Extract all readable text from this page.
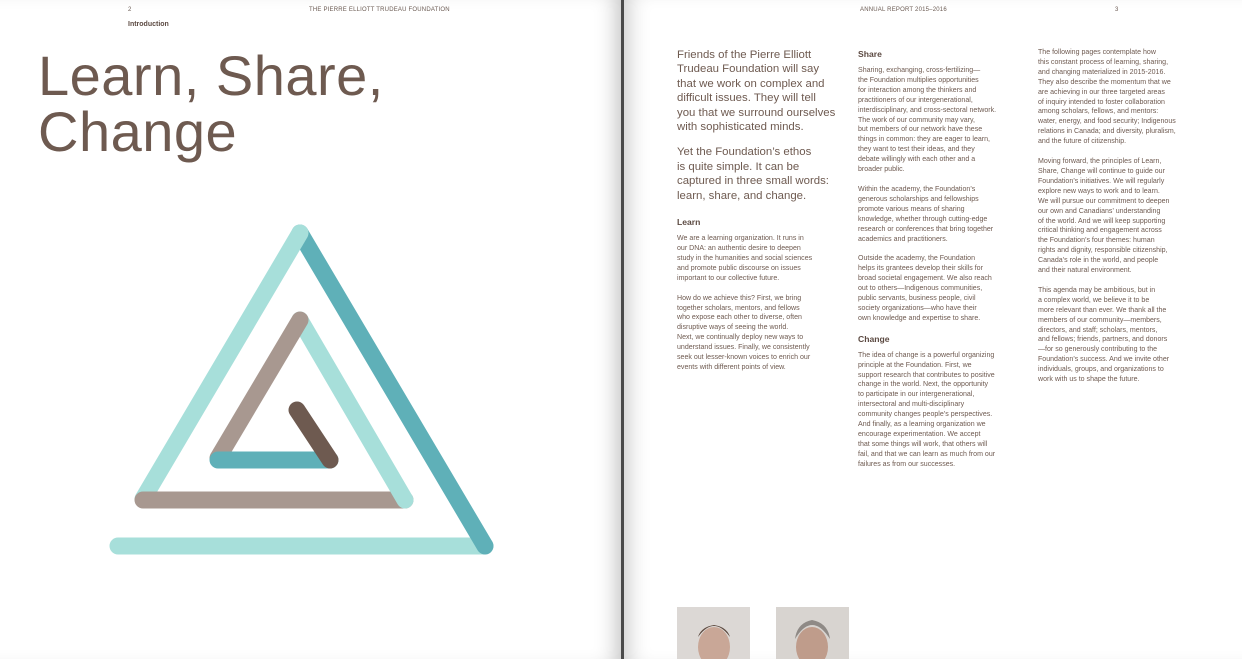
2	THE PIERRE ELLIOTT TRUDEAU FOUNDATION
Introduction
Learn, Share,
Change
ANNUAL REPORT 2015–2016	3
Friends of the Pierre Elliott
Trudeau Foundation will say
that we work on complex and
difficult issues. They will tell
you that we surround ourselves
with sophisticated minds.
Yet the Foundation’s ethos
is quite simple. It can be
captured in three small words:
learn, share, and change.
Learn
We are a learning organization. It runs in
our DNA: an authentic desire to deepen
study in the humanities and social sciences
and promote public discourse on issues
important to our collective future.
How do we achieve this? First, we bring
together scholars, mentors, and fellows
who expose each other to diverse, often
disruptive ways of seeing the world.
Next, we continually deploy new ways to
understand issues. Finally, we consistently
seek out lesser-known voices to enrich our
events with different points of view.
Share
Sharing, exchanging, cross-fertilizing—
the Foundation multiplies opportunities
for interaction among the thinkers and
practitioners of our intergenerational,
interdisciplinary, and cross-sectoral network.
The work of our community may vary,
but members of our network have these
things in common: they are eager to learn,
they want to test their ideas, and they
debate willingly with each other and a
broader public.
Within the academy, the Foundation’s
generous scholarships and fellowships
promote various means of sharing
knowledge, whether through cutting-edge
research or conferences that bring together
academics and practitioners.
Outside the academy, the Foundation
helps its grantees develop their skills for
broad societal engagement. We also reach
out to others—Indigenous communities,
public servants, business people, civil
society organizations—who have their
own knowledge and expertise to share.
Change
The idea of change is a powerful organizing
principle at the Foundation. First, we
support research that contributes to positive
change in the world. Next, the opportunity
to participate in our intergenerational,
intersectoral and multi-disciplinary
community changes people’s perspectives.
And finally, as a learning organization we
encourage experimentation. We accept
that some things will work, that others will
fail, and that we can learn as much from our
failures as from our successes.
The following pages contemplate how
this constant process of learning, sharing,
and changing materialized in 2015-2016.
They also describe the momentum that we
are achieving in our three targeted areas
of inquiry intended to foster collaboration
among scholars, fellows, and mentors:
water, energy, and food security; Indigenous
relations in Canada; and diversity, pluralism,
and the future of citizenship.
Moving forward, the principles of Learn,
Share, Change will continue to guide our
Foundation’s initiatives. We will regularly
explore new ways to work and to learn.
We will pursue our commitment to deepen
our own and Canadians’ understanding
of the world. And we will keep supporting
critical thinking and engagement across
the Foundation’s four themes: human
rights and dignity, responsible citizenship,
Canada’s role in the world, and people
and their natural environment.
This agenda may be ambitious, but in
a complex world, we believe it to be
more relevant than ever. We thank all the
members of our community—members,
directors, and staff; scholars, mentors,
and fellows; friends, partners, and donors
—for so generously contributing to the
Foundation’s success. And we invite other
individuals, groups, and organizations to
work with us to shape the future.
